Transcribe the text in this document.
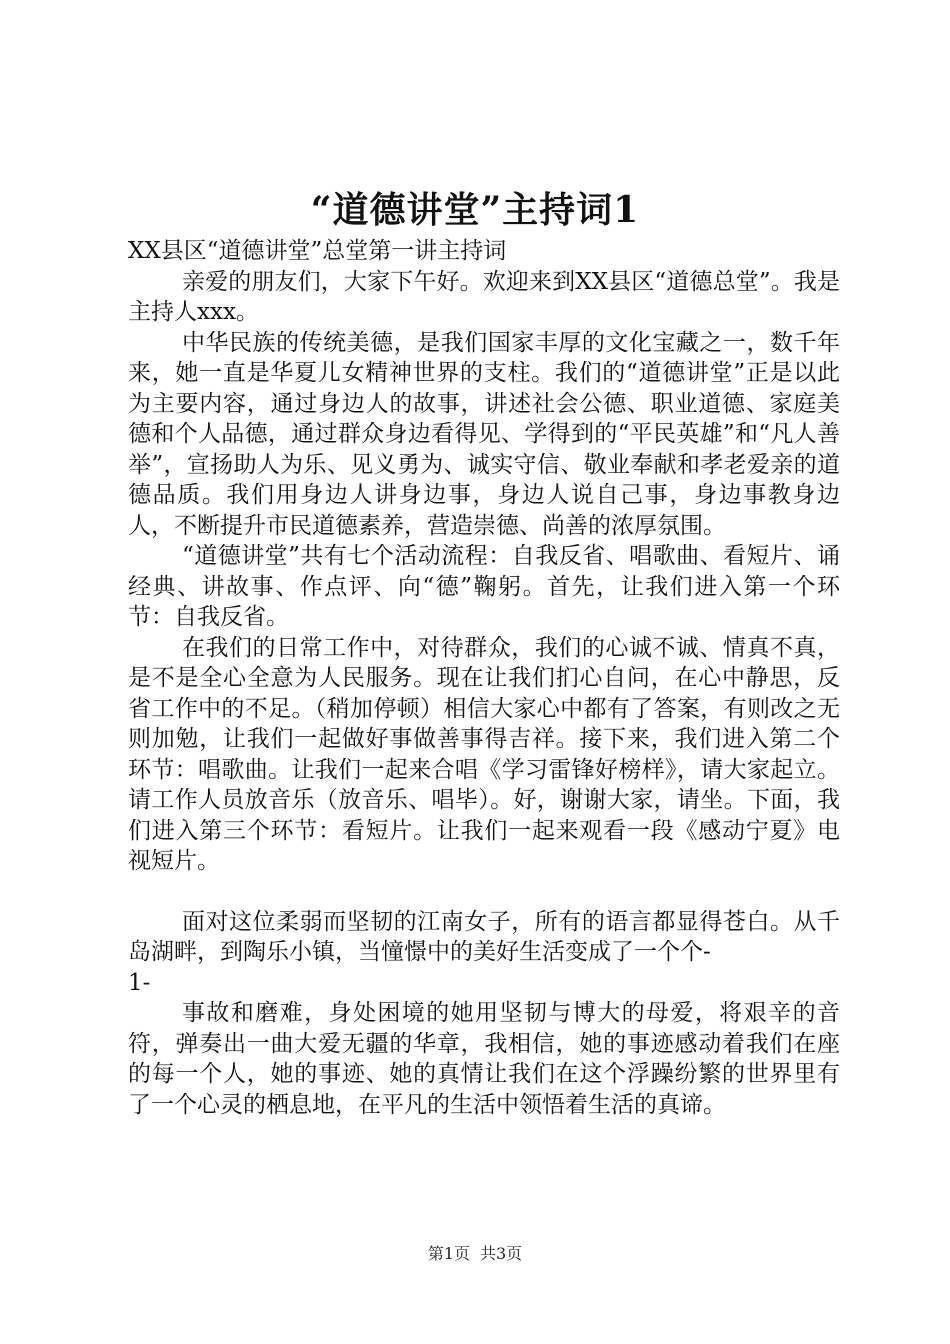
“道德讲堂”主持词1

XX县区“道德讲堂”总堂第一讲主持词

亲爱的朋友们，大家下午好。欢迎来到XX县区“道德总堂”。我是主持人xxx。

中华民族的传统美德，是我们国家丰厚的文化宝藏之一，数千年来，她一直是华夏儿女精神世界的支柱。我们的“道德讲堂”正是以此为主要内容，通过身边人的故事，讲述社会公德、职业道德、家庭美德和个人品德，通过群众身边看得见、学得到的“平民英雄”和“凡人善举”，宣扬助人为乐、见义勇为、诚实守信、敬业奉献和孝老爱亲的道德品质。我们用身边人讲身边事，身边人说自己事，身边事教身边人，不断提升市民道德素养，营造崇德、尚善的浓厚氛围。

“道德讲堂”共有七个活动流程：自我反省、唱歌曲、看短片、诵经典、讲故事、作点评、向“德”鞠躬。首先，让我们进入第一个环节：自我反省。

在我们的日常工作中，对待群众，我们的心诚不诚、情真不真，是不是全心全意为人民服务。现在让我们扪心自问，在心中静思，反省工作中的不足。（稍加停顿）相信大家心中都有了答案，有则改之无则加勉，让我们一起做好事做善事得吉祥。接下来，我们进入第二个环节：唱歌曲。让我们一起来合唱《学习雷锋好榜样》，请大家起立。请工作人员放音乐（放音乐、唱毕）。好，谢谢大家，请坐。下面，我们进入第三个环节：看短片。让我们一起来观看一段《感动宁夏》电视短片。

面对这位柔弱而坚韧的江南女子，所有的语言都显得苍白。从千岛湖畔，到陶乐小镇，当憧憬中的美好生活变成了一个个-

1-

事故和磨难，身处困境的她用坚韧与博大的母爱，将艰辛的音符，弹奏出一曲大爱无疆的华章，我相信，她的事迹感动着我们在座的每一个人，她的事迹、她的真情让我们在这个浮躁纷繁的世界里有了一个心灵的栖息地，在平凡的生活中领悟着生活的真谛。

第1页 共3页
